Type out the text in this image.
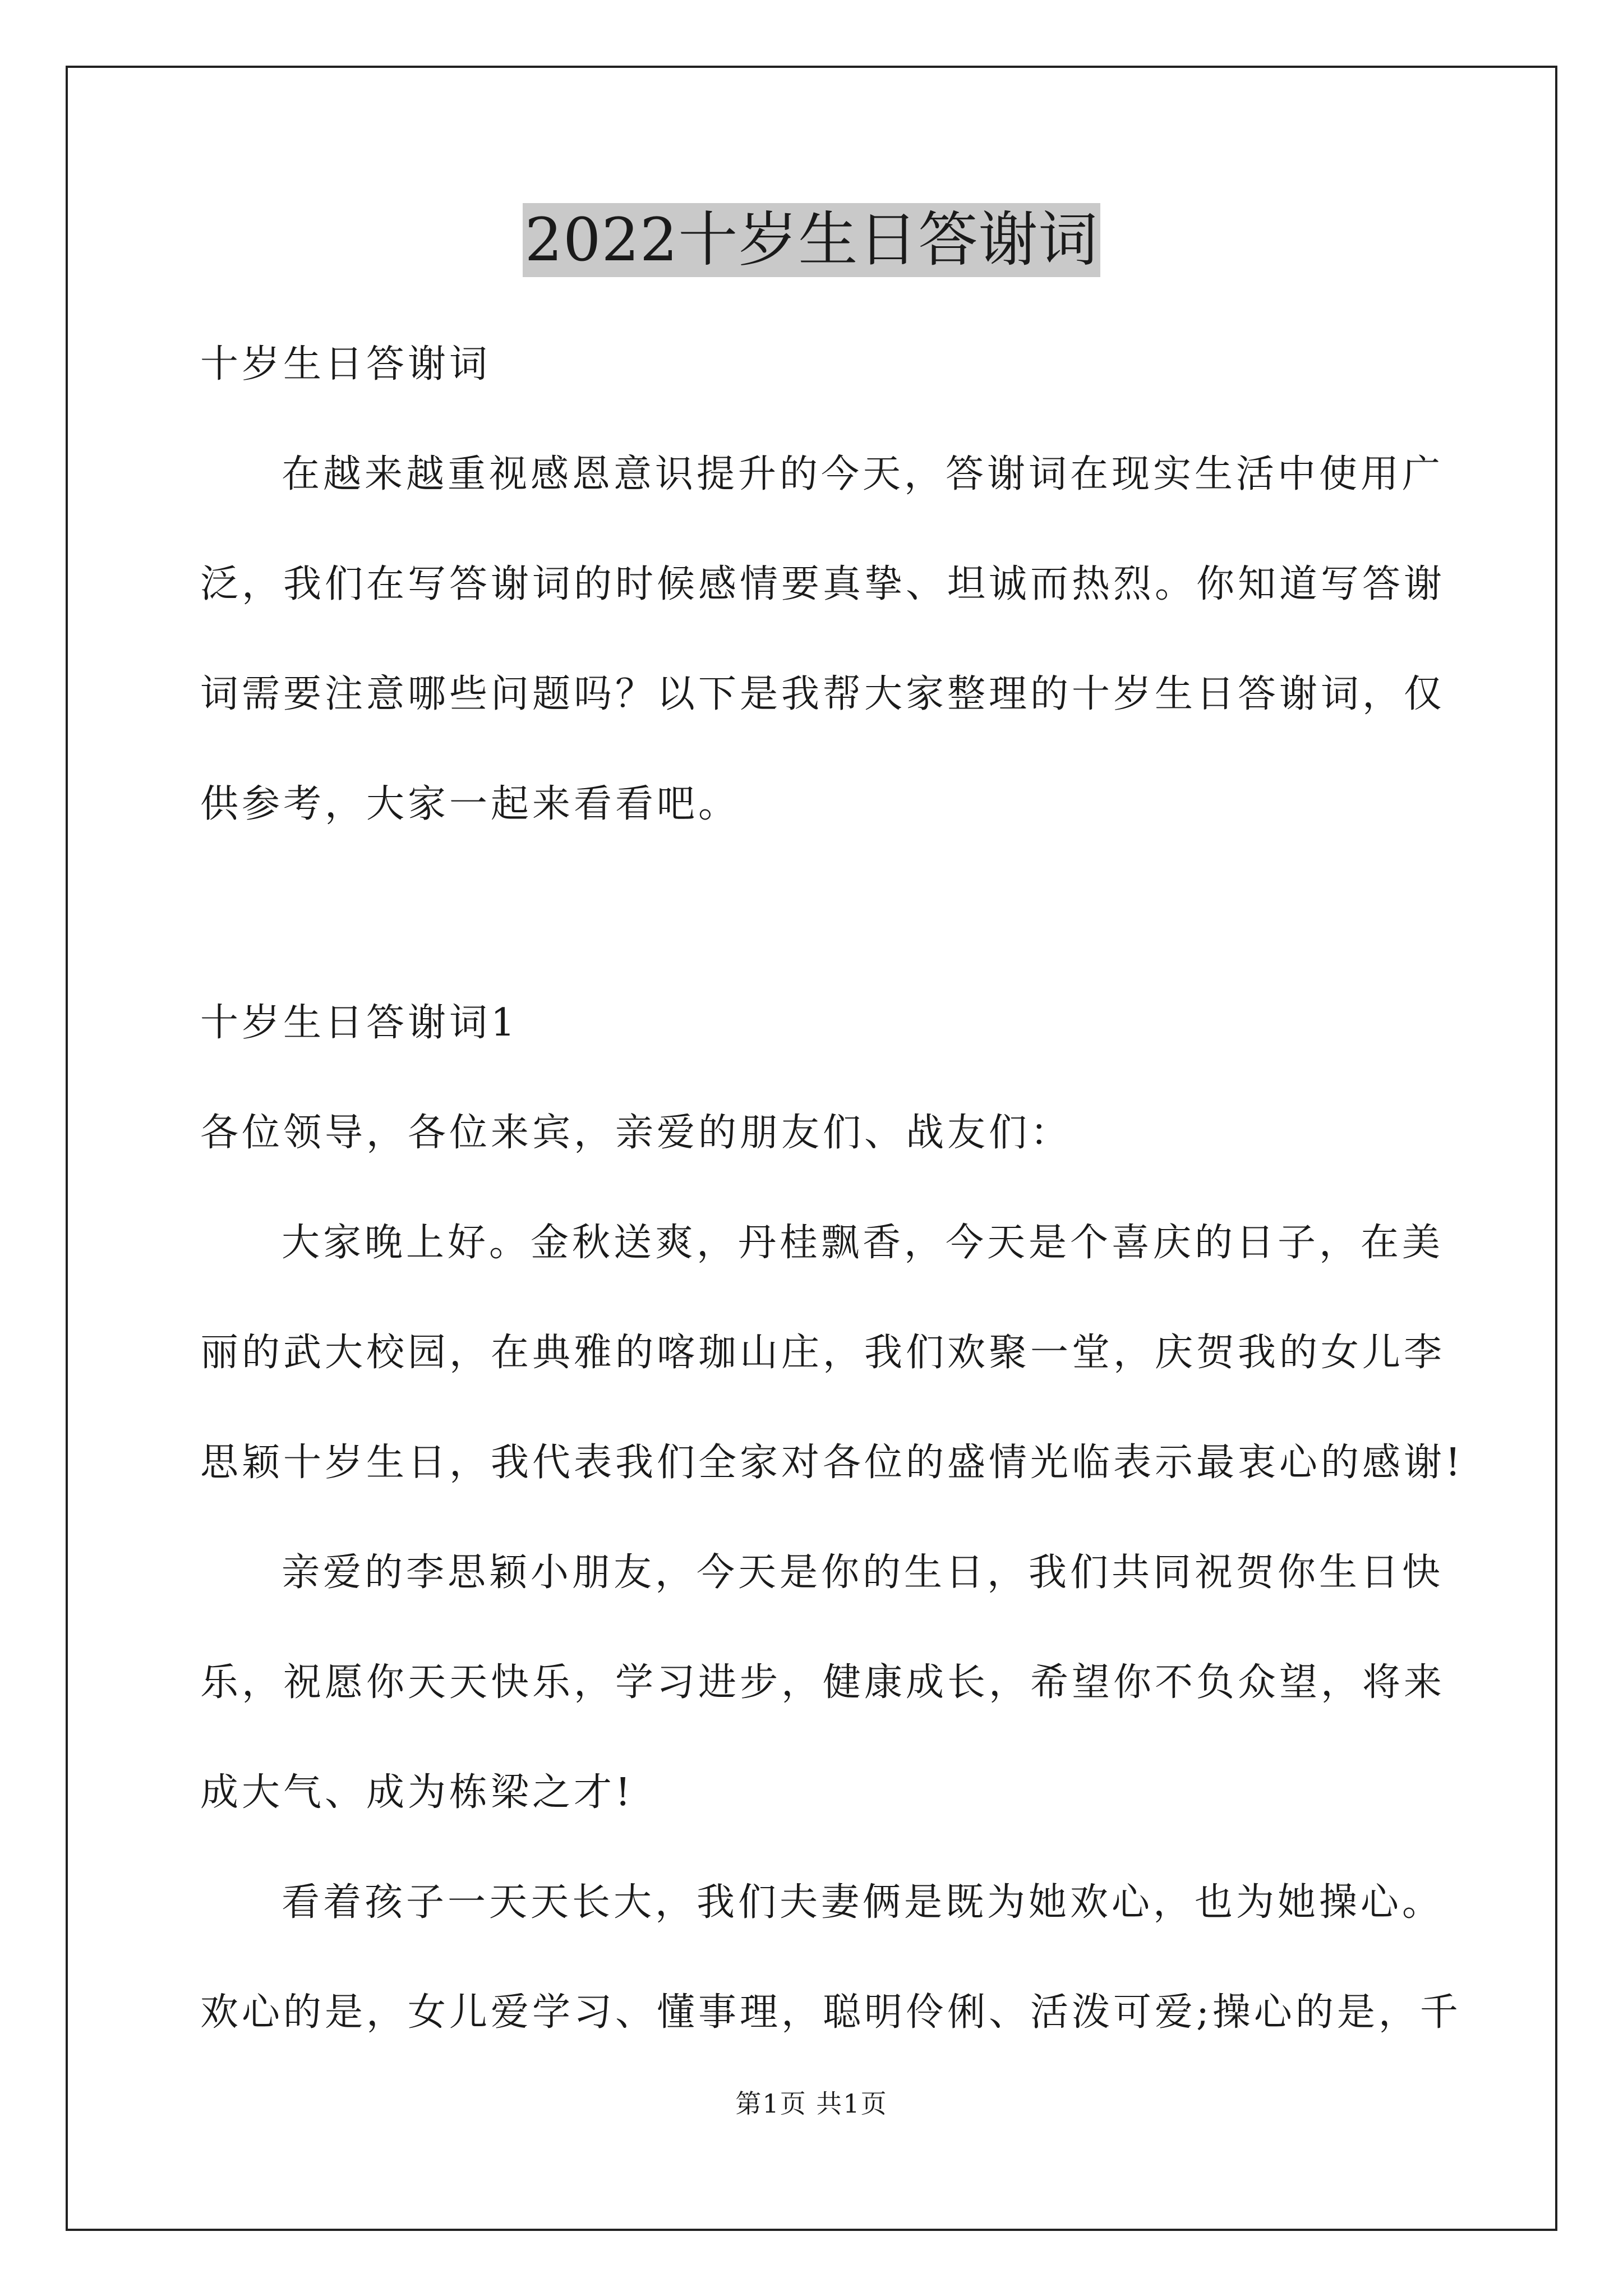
2022十岁生日答谢词

十岁生日答谢词

在越来越重视感恩意识提升的今天，答谢词在现实生活中使用广

泛，我们在写答谢词的时候感情要真挚、坦诚而热烈。你知道写答谢

词需要注意哪些问题吗？以下是我帮大家整理的十岁生日答谢词，仅

供参考，大家一起来看看吧。

十岁生日答谢词1

各位领导，各位来宾，亲爱的朋友们、战友们：

大家晚上好。金秋送爽，丹桂飘香，今天是个喜庆的日子，在美

丽的武大校园，在典雅的喀珈山庄，我们欢聚一堂，庆贺我的女儿李

思颖十岁生日，我代表我们全家对各位的盛情光临表示最衷心的感谢!

亲爱的李思颖小朋友，今天是你的生日，我们共同祝贺你生日快

乐，祝愿你天天快乐，学习进步，健康成长，希望你不负众望，将来

成大气、成为栋梁之才!

看着孩子一天天长大，我们夫妻俩是既为她欢心，也为她操心。

欢心的是，女儿爱学习、懂事理，聪明伶俐、活泼可爱;操心的是，千

第1页 共1页
